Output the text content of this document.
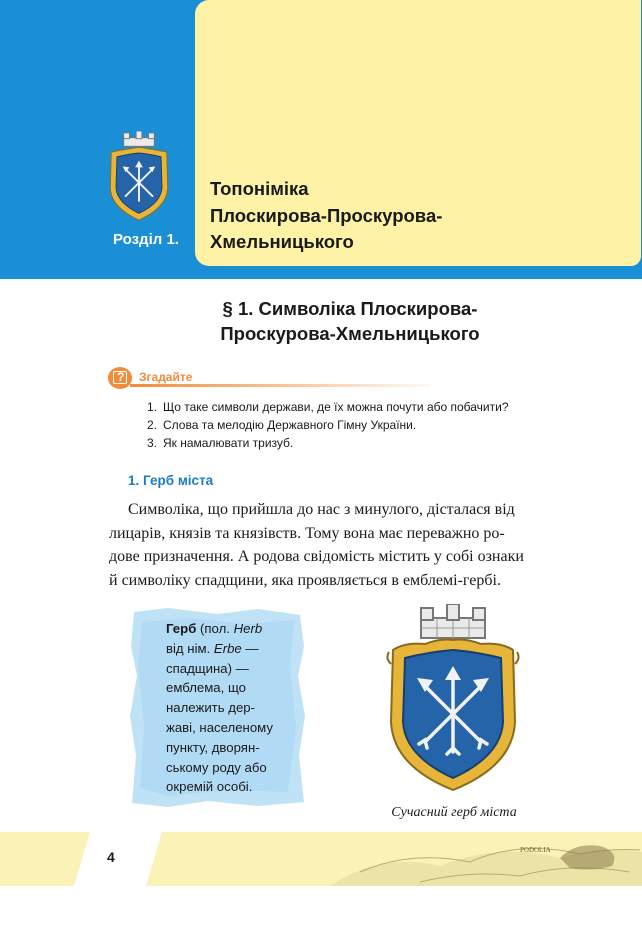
Розділ 1.
Топоніміка
Плоскирова-Проскурова-
Хмельницького
§ 1. Символіка Плоскирова-
Проскурова-Хмельницького
? Згадайте
1. Що таке символи держави, де їх можна почути або побачити?
2. Слова та мелодію Державного Гімну України.
3. Як намалювати тризуб.
1. Герб міста

Символіка, що прийшла до нас з минулого, дісталася від
лицарів, князів та князівств. Тому вона має переважно ро-
дове призначення. А родова свідомість містить у собі ознаки
й символіку спадщини, яка проявляється в емблемі-гербі.

Герб (пол. Herb
від нім. Erbe —
спадщина) —
емблема, що
належить дер-
жаві, населеному
пункту, дворян-
ському роду або
окремій особі.
Сучасний герб міста
PODOLIA
4
